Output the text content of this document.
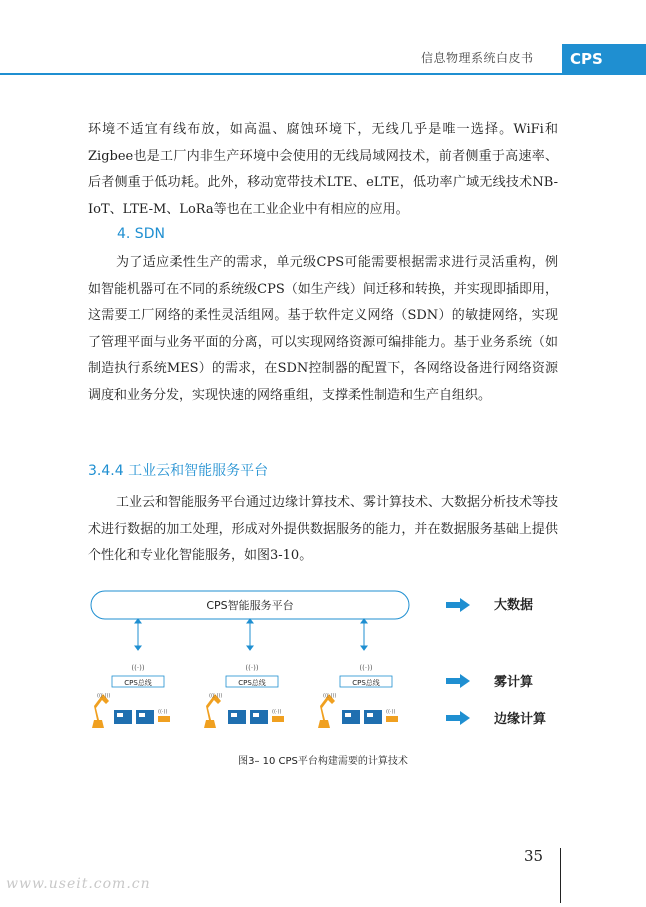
信息物理系统白皮书	CPS
环境不适宜有线布放，如高温、腐蚀环境下，无线几乎是唯一选择。WiFi和Zigbee也是工厂内非生产环境中会使用的无线局域网技术，前者侧重于高速率、后者侧重于低功耗。此外，移动宽带技术LTE、eLTE，低功率广域无线技术NB-IoT、LTE-M、LoRa等也在工业企业中有相应的应用。
4. SDN
为了适应柔性生产的需求，单元级CPS可能需要根据需求进行灵活重构，例如智能机器可在不同的系统级CPS（如生产线）间迁移和转换，并实现即插即用，这需要工厂网络的柔性灵活组网。基于软件定义网络（SDN）的敏捷网络，实现了管理平面与业务平面的分离，可以实现网络资源可编排能力。基于业务系统（如制造执行系统MES）的需求，在SDN控制器的配置下，各网络设备进行网络资源调度和业务分发，实现快速的网络重组，支撑柔性制造和生产自组织。
3.4.4 工业云和智能服务平台
工业云和智能服务平台通过边缘计算技术、雾计算技术、大数据分析技术等技术进行数据的加工处理，形成对外提供数据服务的能力，并在数据服务基础上提供个性化和专业化智能服务，如图3-10。
CPS智能服务平台	大数据
((·))
CPS总线
(((·)))
((·))
((·))
CPS总线
(((·)))
((·))
((·))
CPS总线
(((·)))
((·))
雾计算
边缘计算
图3– 10 CPS平台构建需要的计算技术
35
www.useit.com.cn
